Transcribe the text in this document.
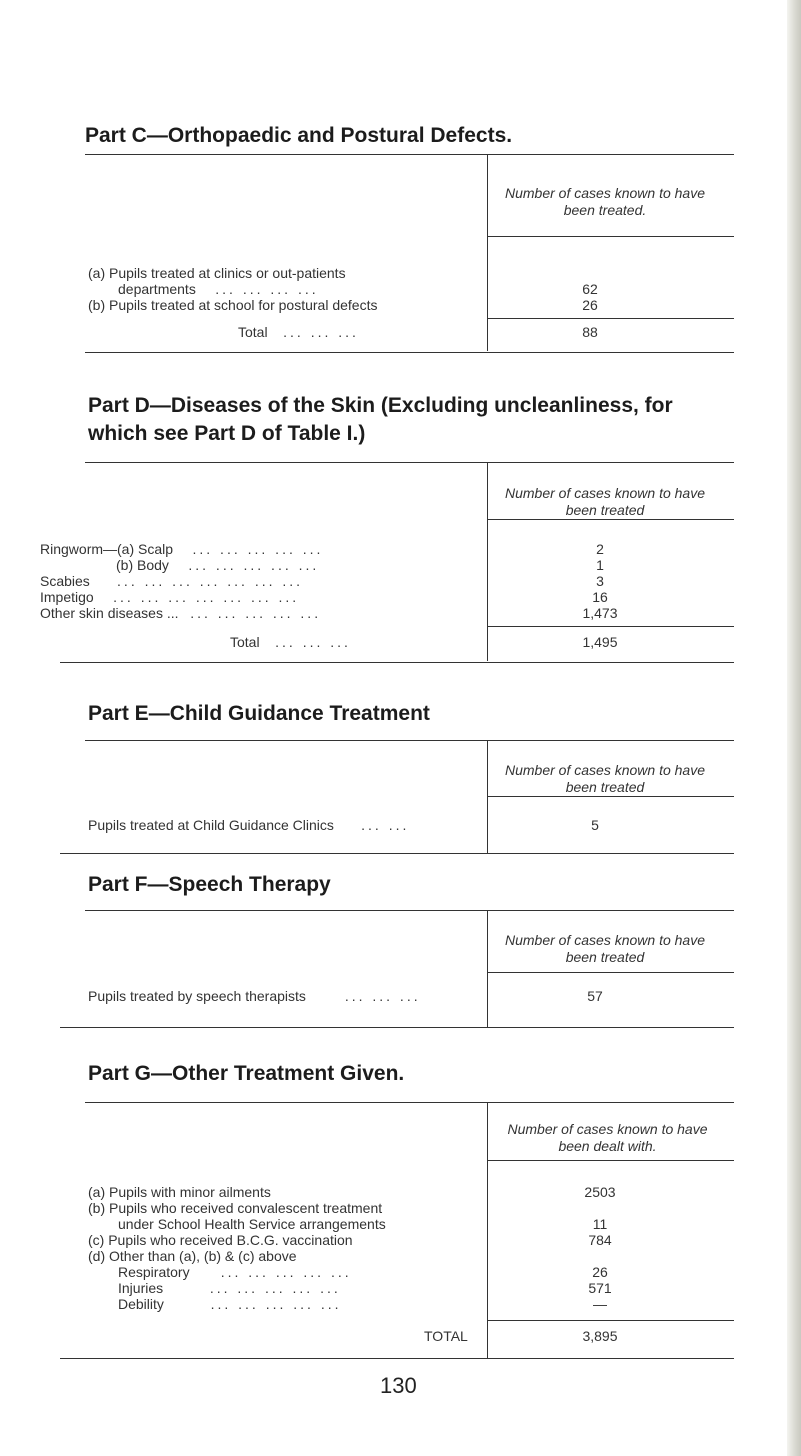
Part C—Orthopaedic and Postural Defects.
Number of cases known to have been treated.
(a) Pupils treated at clinics or out-patients
departments ... ... ... ...	62
(b) Pupils treated at school for postural defects	26
Total ... ... ...	88
Part D—Diseases of the Skin (Excluding uncleanliness, for
which see Part D of Table I.)
Number of cases known to have been treated
Ringworm—(a) Scalp ... ... ... ... ...	2
(b) Body ... ... ... ... ...	1
Scabies ... ... ... ... ... ... ...	3
Impetigo ... ... ... ... ... ... ...	16
Other skin diseases ... ... ... ... ... ...	1,473
Total ... ... ...	1,495
Part E—Child Guidance Treatment
Number of cases known to have been treated
Pupils treated at Child Guidance Clinics ... ...	5
Part F—Speech Therapy
Number of cases known to have been treated
Pupils treated by speech therapists	... ... ...	57
Part G—Other Treatment Given.
Number of cases known to have been dealt with.
(a) Pupils with minor ailments	2503
(b) Pupils who received convalescent treatment
under School Health Service arrangements	11
(c) Pupils who received B.C.G. vaccination	784
(d) Other than (a), (b) & (c) above
Respiratory ... ... ... ... ...	26
Injuries	... ... ... ... ...	571
Debility	... ... ... ... ...	—
TOTAL	3,895
130
